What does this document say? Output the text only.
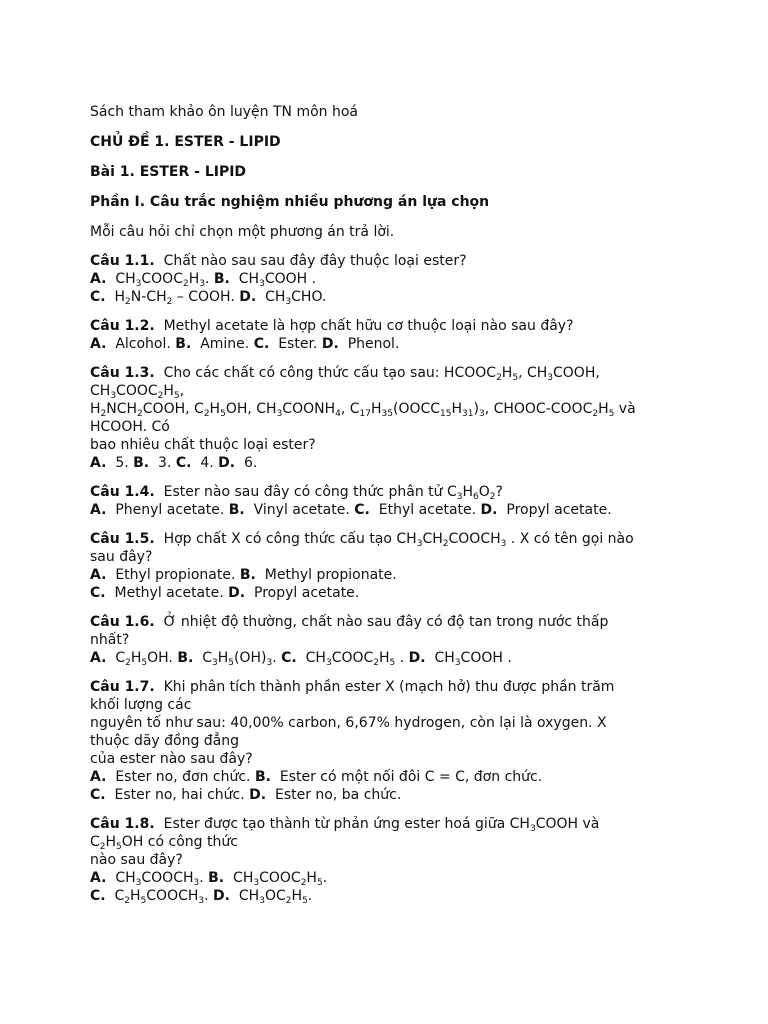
Sách tham khảo ôn luyện TN môn hoá
CHỦ ĐỀ 1. ESTER - LIPID
Bài 1. ESTER - LIPID
Phần I. Câu trắc nghiệm nhiều phương án lựa chọn
Mỗi câu hỏi chỉ chọn một phương án trả lời.
Câu 1.1. Chất nào sau sau đây đây thuộc loại ester?
A. $CH_3COOC_2H_3$. B. $CH_3COOH$ .
C. $H_2N-CH_2$ – COOH. D. $CH_3CHO$.
Câu 1.2. Methyl acetate là hợp chất hữu cơ thuộc loại nào sau đây?
A. Alcohol. B. Amine. C. Ester. D. Phenol.
Câu 1.3. Cho các chất có công thức cấu tạo sau: $HCOOC_2H_5$, $CH_3COOH$,
$CH_3COOC_2H_5$,
$H_2NCH_2COOH$, $C_2H_5OH$, $CH_3COONH_4$, $C_{17}H_{35}(OOCC_{15}H_{31})_3$, CHOOC-$COOC_2H_5$ và
HCOOH. Có
bao nhiêu chất thuộc loại ester?
A. 5. B. 3. C. 4. D. 6.
Câu 1.4. Ester nào sau đây có công thức phân tử $C_3H_6O_2$?
A. Phenyl acetate. B. Vinyl acetate. C. Ethyl acetate. D. Propyl acetate.
Câu 1.5. Hợp chất X có công thức cấu tạo $CH_3CH_2COOCH_3$ . X có tên gọi nào
sau đây?
A. Ethyl propionate. B. Methyl propionate.
C. Methyl acetate. D. Propyl acetate.
Câu 1.6. Ở nhiệt độ thường, chất nào sau đây có độ tan trong nước thấp
nhất?
A. $C_2H_5OH$. B. $C_3H_5(OH)_3$. C. $CH_3COOC_2H_5$ . D. $CH_3COOH$ .
Câu 1.7. Khi phân tích thành phần ester X (mạch hở) thu được phần trăm
khối lượng các
nguyên tố như sau: 40,00% carbon, 6,67% hydrogen, còn lại là oxygen. X
thuộc dãy đồng đẳng
của ester nào sau đây?
A. Ester no, đơn chức. B. Ester có một nối đôi C = C, đơn chức.
C. Ester no, hai chức. D. Ester no, ba chức.
Câu 1.8. Ester được tạo thành từ phản ứng ester hoá giữa $CH_3COOH$ và
$C_2H_5OH$ có công thức
nào sau đây?
A. $CH_3COOCH_3$. B. $CH_3COOC_2H_5$.
C. $C_2H_5COOCH_3$. D. $CH_3OC_2H_5$.
